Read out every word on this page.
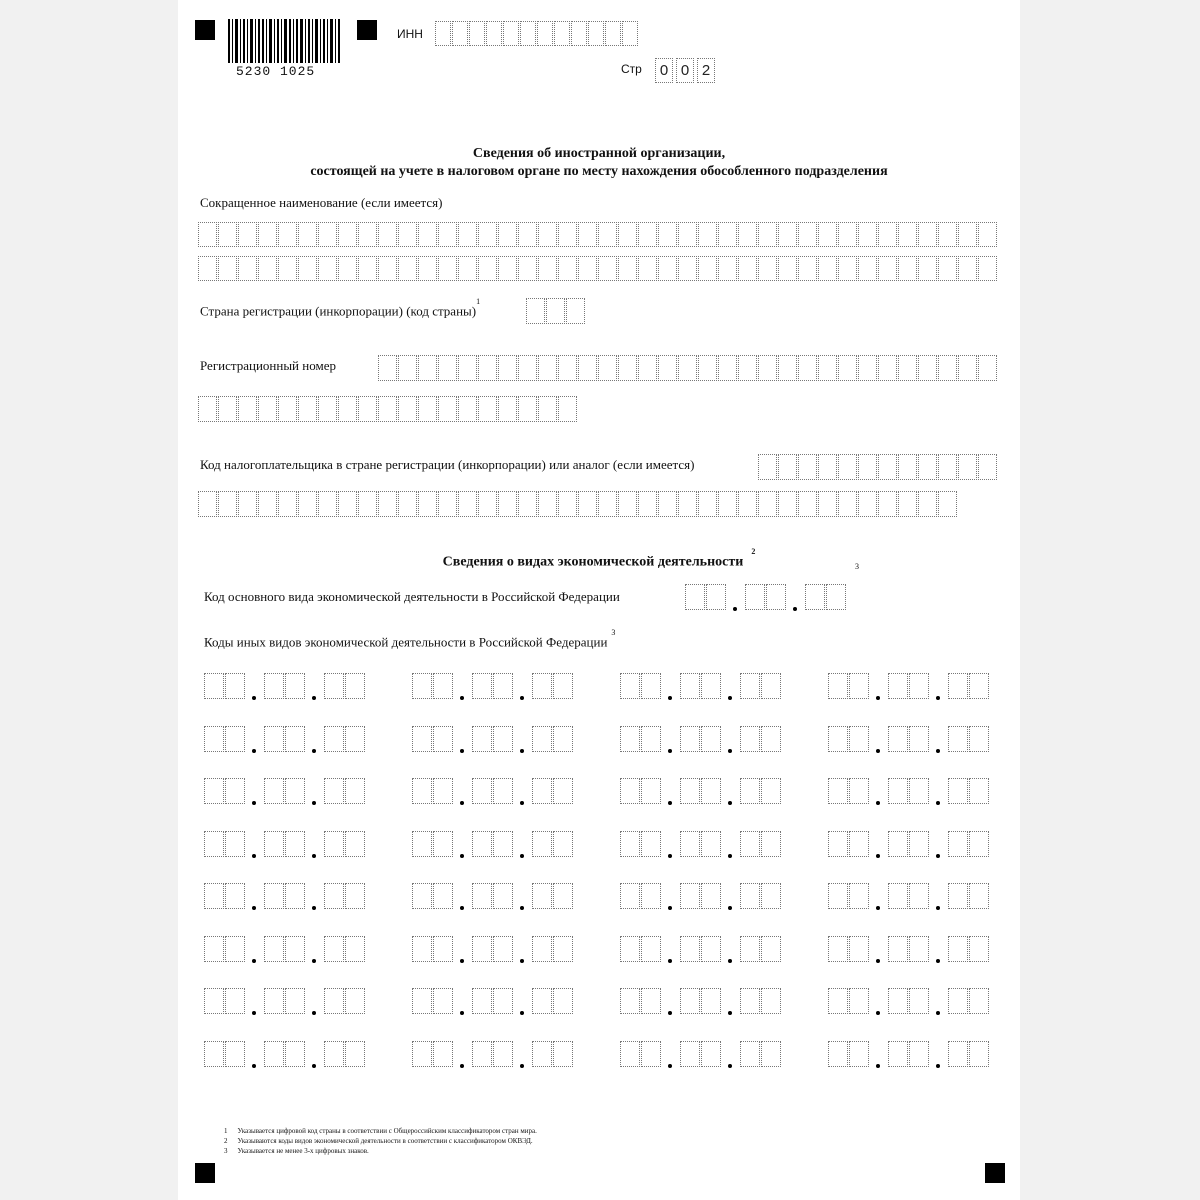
5230 1025
ИНН
Стр 0 0 2
Сведения об иностранной организации,
состоящей на учете в налоговом органе по месту нахождения обособленного подразделения
Сокращенное наименование (если имеется)
Страна регистрации (инкорпорации) (код страны)$^1$
Регистрационный номер
Код налогоплательщика в стране регистрации (инкорпорации) или аналог (если имеется)
Сведения о видах экономической деятельности$^2$
Код основного вида экономической деятельности в Российской Федерации
$^3$
Коды иных видов экономической деятельности в Российской Федерации$^3$
1 Указывается цифровой код страны в соответствии с Общероссийским классификатором стран мира.
2 Указываются коды видов экономической деятельности в соответствии с классификатором ОКВЭД.
3 Указывается не менее 3-х цифровых знаков.
